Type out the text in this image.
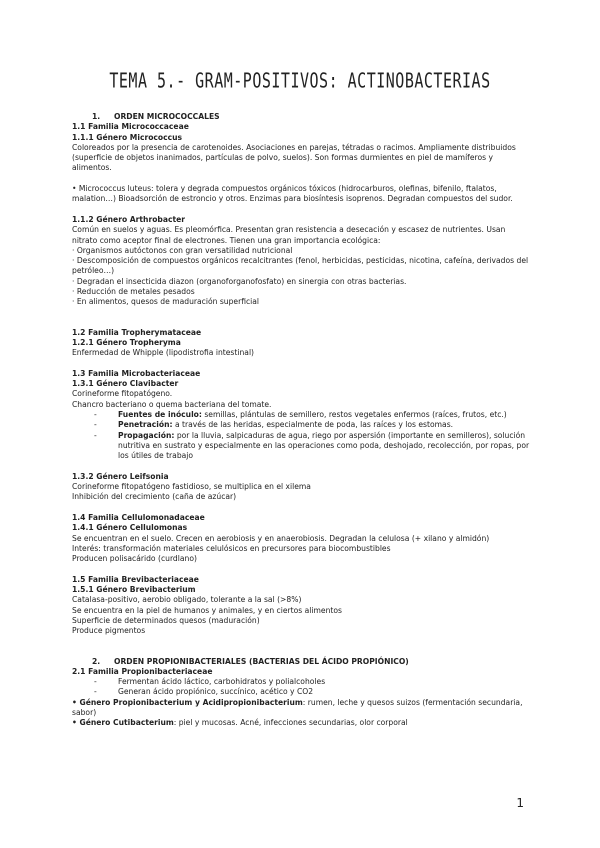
TEMA 5.- GRAM-POSITIVOS: ACTINOBACTERIAS

1. ORDEN MICROCOCCALES

1.1 Familia Micrococcaceae

1.1.1 Género Micrococcus

Coloreados por la presencia de carotenoides. Asociaciones en parejas, tétradas o racimos. Ampliamente distribuidos (superficie de objetos inanimados, partículas de polvo, suelos). Son formas durmientes en piel de mamíferos y alimentos.

• Micrococcus luteus: tolera y degrada compuestos orgánicos tóxicos (hidrocarburos, olefinas, bifenilo, ftalatos, malation…) Bioadsorción de estroncio y otros. Enzimas para biosíntesis isoprenos. Degradan compuestos del sudor.

1.1.2 Género Arthrobacter

Común en suelos y aguas. Es pleomórfica. Presentan gran resistencia a desecación y escasez de nutrientes. Usan nitrato como aceptor final de electrones. Tienen una gran importancia ecológica:

· Organismos autóctonos con gran versatilidad nutricional

· Descomposición de compuestos orgánicos recalcitrantes (fenol, herbicidas, pesticidas, nicotina, cafeína, derivados del petróleo…)

· Degradan el insecticida diazon (organoforganofosfato) en sinergia con otras bacterias.

· Reducción de metales pesados

· En alimentos, quesos de maduración superficial

1.2 Familia Tropherymataceae

1.2.1 Género Tropheryma

Enfermedad de Whipple (lipodistrofia intestinal)

1.3 Familia Microbacteriaceae

1.3.1 Género Clavibacter

Corineforme fitopatógeno.

Chancro bacteriano o quema bacteriana del tomate.

- Fuentes de inóculo: semillas, plántulas de semillero, restos vegetales enfermos (raíces, frutos, etc.)

- Penetración: a través de las heridas, especialmente de poda, las raíces y los estomas.

- Propagación: por la lluvia, salpicaduras de agua, riego por aspersión (importante en semilleros), solución nutritiva en sustrato y especialmente en las operaciones como poda, deshojado, recolección, por ropas, por los útiles de trabajo

1.3.2 Género Leifsonia

Corineforme fitopatógeno fastidioso, se multiplica en el xilema

Inhibición del crecimiento (caña de azúcar)

1.4 Familia Cellulomonadaceae

1.4.1 Género Cellulomonas

Se encuentran en el suelo. Crecen en aerobiosis y en anaerobiosis. Degradan la celulosa (+ xilano y almidón)

Interés: transformación materiales celulósicos en precursores para biocombustibles

Producen polisacárido (curdlano)

1.5 Familia Brevibacteriaceae

1.5.1 Género Brevibacterium

Catalasa-positivo, aerobio obligado, tolerante a la sal (>8%)

Se encuentra en la piel de humanos y animales, y en ciertos alimentos

Superficie de determinados quesos (maduración)

Produce pigmentos

2. ORDEN PROPIONIBACTERIALES (BACTERIAS DEL ÁCIDO PROPIÓNICO)

2.1 Familia Propionibacteriaceae

- Fermentan ácido láctico, carbohidratos y polialcoholes

- Generan ácido propiónico, succínico, acético y CO2

• Género Propionibacterium y Acidipropionibacterium: rumen, leche y quesos suizos (fermentación secundaria, sabor)

• Género Cutibacterium: piel y mucosas. Acné, infecciones secundarias, olor corporal

1
